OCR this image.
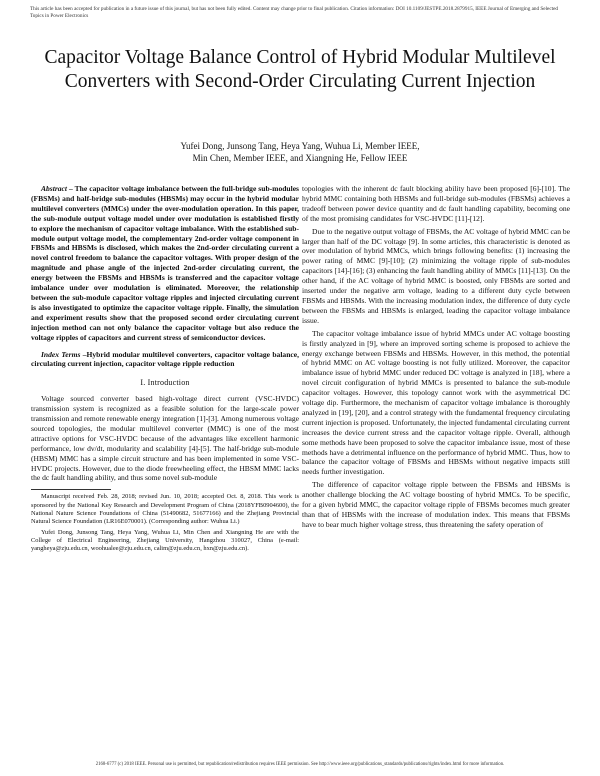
This article has been accepted for publication in a future issue of this journal, but has not been fully edited. Content may change prior to final publication. Citation information: DOI 10.1109/JESTPE.2018.2879915, IEEE Journal of Emerging and Selected Topics in Power Electronics
Capacitor Voltage Balance Control of Hybrid Modular Multilevel Converters with Second-Order Circulating Current Injection
Yufei Dong, Junsong Tang, Heya Yang, Wuhua Li, Member IEEE,
Min Chen, Member IEEE, and Xiangning He, Fellow IEEE

Abstract – The capacitor voltage imbalance between the full-bridge sub-modules (FBSMs) and half-bridge sub-modules (HBSMs) may occur in the hybrid modular multilevel converters (MMCs) under the over-modulation operation. In this paper, the sub-module output voltage model under over modulation is established firstly to explore the mechanism of capacitor voltage imbalance. With the established sub-module output voltage model, the complementary 2nd-order voltage component in FBSMs and HBSMs is disclosed, which makes the 2nd-order circulating current a novel control freedom to balance the capacitor voltages. With proper design of the magnitude and phase angle of the injected 2nd-order circulating current, the energy between the FBSMs and HBSMs is transferred and the capacitor voltage imbalance under over modulation is eliminated. Moreover, the relationship between the sub-module capacitor voltage ripples and injected circulating current is also investigated to optimize the capacitor voltage ripple. Finally, the simulation and experiment results show that the proposed second order circulating current injection method can not only balance the capacitor voltage but also reduce the voltage ripples of capacitors and current stress of semiconductor devices.

Index Terms –Hybrid modular multilevel converters, capacitor voltage balance, circulating current injection, capacitor voltage ripple reduction

I. Introduction

Voltage sourced converter based high-voltage direct current (VSC-HVDC) transmission system is recognized as a feasible solution for the large-scale power transmission and remote renewable energy integration [1]-[3]. Among numerous voltage sourced topologies, the modular multilevel converter (MMC) is one of the most attractive options for VSC-HVDC because of the advantages like excellent harmonic performance, low dv/dt, modularity and scalability [4]-[5]. The half-bridge sub-module (HBSM) MMC has a simple circuit structure and has been implemented in some VSC-HVDC projects. However, due to the diode freewheeling effect, the HBSM MMC lacks the dc fault handling ability, and thus some novel sub-module

Manuscript received Feb. 28, 2018; revised Jun. 10, 2018; accepted Oct. 8, 2018. This work is sponsored by the National Key Research and Development Program of China (2018YFB0904600), the National Nature Science Foundations of China (51490682, 51677166) and the Zhejiang Provincial Natural Science Foundation (LR16E070001). (Corresponding author: Wuhua Li.)

Yufei Dong, Junsong Tang, Heya Yang, Wuhua Li, Min Chen and Xiangning He are with the College of Electrical Engineering, Zhejiang University, Hangzhou 310027, China (e-mail: yangheya@zju.edu.cn, woohualee@zju.edu.cn, calim@zju.edu.cn, hxn@zju.edu.cn).

topologies with the inherent dc fault blocking ability have been proposed [6]-[10]. The hybrid MMC containing both HBSMs and full-bridge sub-modules (FBSMs) achieves a tradeoff between power device quantity and dc fault handling capability, becoming one of the most promising candidates for VSC-HVDC [11]-[12].

Due to the negative output voltage of FBSMs, the AC voltage of hybrid MMC can be larger than half of the DC voltage [9]. In some articles, this characteristic is denoted as over modulation of hybrid MMCs, which brings following benefits: (1) increasing the power rating of MMC [9]-[10]; (2) minimizing the voltage ripple of sub-modules capacitors [14]-[16]; (3) enhancing the fault handling ability of MMCs [11]-[13]. On the other hand, if the AC voltage of hybrid MMC is boosted, only FBSMs are sorted and inserted under the negative arm voltage, leading to a different duty cycle between FBSMs and HBSMs. With the increasing modulation index, the difference of duty cycle between the FBSMs and HBSMs is enlarged, leading the capacitor voltage imbalance issue.

The capacitor voltage imbalance issue of hybrid MMCs under AC voltage boosting is firstly analyzed in [9], where an improved sorting scheme is proposed to achieve the energy exchange between FBSMs and HBSMs. However, in this method, the potential of hybrid MMC on AC voltage boosting is not fully utilized. Moreover, the capacitor imbalance issue of hybrid MMC under reduced DC voltage is analyzed in [18], where a novel circuit configuration of hybrid MMCs is presented to balance the sub-module capacitor voltages. However, this topology cannot work with the asymmetrical DC voltage dip. Furthermore, the mechanism of capacitor voltage imbalance is thoroughly analyzed in [19], [20], and a control strategy with the fundamental frequency circulating current injection is proposed. Unfortunately, the injected fundamental circulating current increases the device current stress and the capacitor voltage ripple. Overall, although some methods have been proposed to solve the capacitor imbalance issue, most of these methods have a detrimental influence on the performance of hybrid MMC. Thus, how to balance the capacitor voltage of FBSMs and HBSMs without negative impacts still needs further investigation.

The difference of capacitor voltage ripple between the FBSMs and HBSMs is another challenge blocking the AC voltage boosting of hybrid MMCs. To be specific, for a given hybrid MMC, the capacitor voltage ripple of FBSMs becomes much greater than that of HBSMs with the increase of modulation index. This means that FBSMs have to bear much higher voltage stress, thus threatening the safety operation of

2168-6777 (c) 2018 IEEE. Personal use is permitted, but republication/redistribution requires IEEE permission. See http://www.ieee.org/publications_standards/publications/rights/index.html for more information.
